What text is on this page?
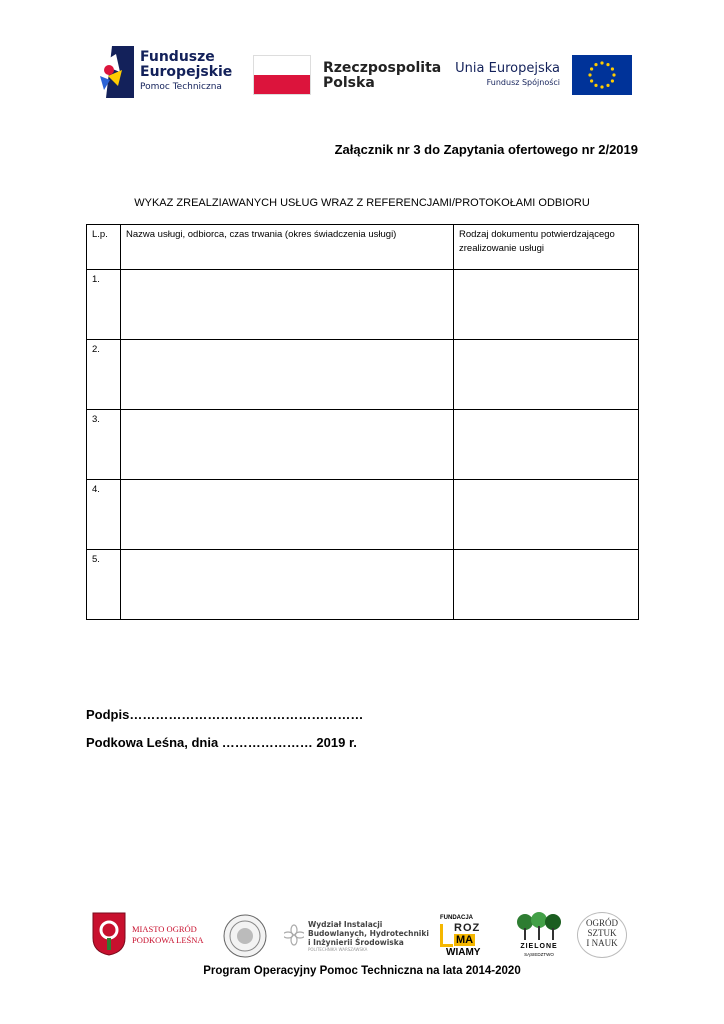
Fundusze
Europejskie
Pomoc Techniczna
Rzeczpospolita
Polska
Unia Europejska
Fundusz Spójności
Załącznik nr 3 do Zapytania ofertowego nr 2/2019
WYKAZ ZREALZIAWANYCH USŁUG WRAZ Z REFERENCJAMI/PROTOKOŁAMI ODBIORU
L.p.	Nazwa usługi, odbiorca, czas trwania (okres świadczenia usługi)	Rodzaj dokumentu potwierdzającego zrealizowanie usługi
1.		
2.		
3.		
4.		
5.		
Podpis………………………………………………
Podkowa Leśna, dnia ………………… 2019 r.
MIASTO OGRÓD
PODKOWA LEŚNA
Wydział Instalacji
Budowlanych, Hydrotechniki
i Inżynierii Środowiska
POLITECHNIKA WARSZAWSKA
FUNDACJA
ROZ
MA
WIAMY
ZIELONE
SĄSIEDZTWO
OGRÓD
SZTUK
I NAUK
Program Operacyjny Pomoc Techniczna na lata 2014-2020
